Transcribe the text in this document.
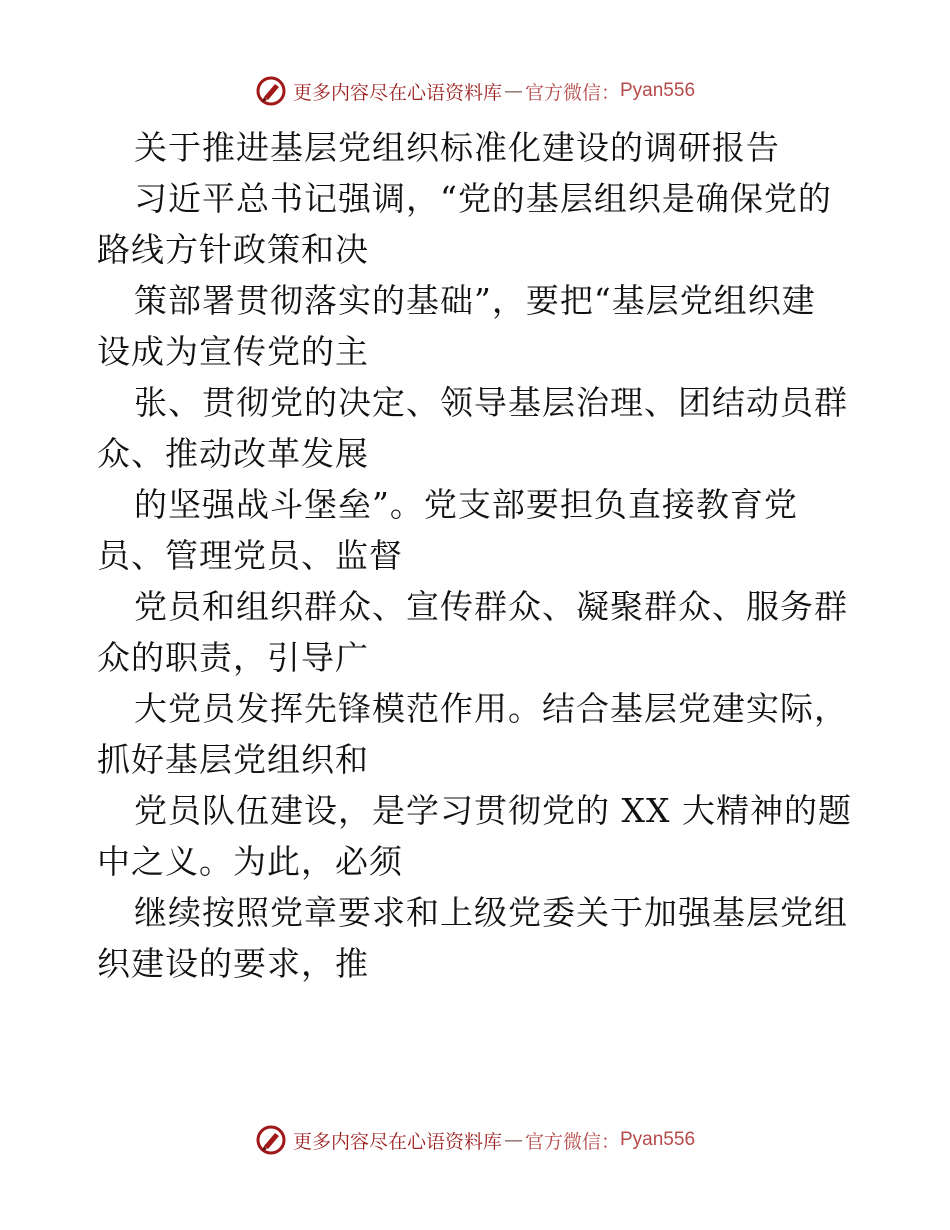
更多内容尽在心语资料库 — 官方微信： Pyan556
关于推进基层党组织标准化建设的调研报告
习近平总书记强调，“党的基层组织是确保党的
路线方针政策和决
策部署贯彻落实的基础”，要把“基层党组织建
设成为宣传党的主
张、贯彻党的决定、领导基层治理、团结动员群
众、推动改革发展
的坚强战斗堡垒”。党支部要担负直接教育党
员、管理党员、监督
党员和组织群众、宣传群众、凝聚群众、服务群
众的职责，引导广
大党员发挥先锋模范作用。结合基层党建实际，
抓好基层党组织和
党员队伍建设，是学习贯彻党的 XX 大精神的题
中之义。为此，必须
继续按照党章要求和上级党委关于加强基层党组
织建设的要求，推
更多内容尽在心语资料库 — 官方微信： Pyan556
